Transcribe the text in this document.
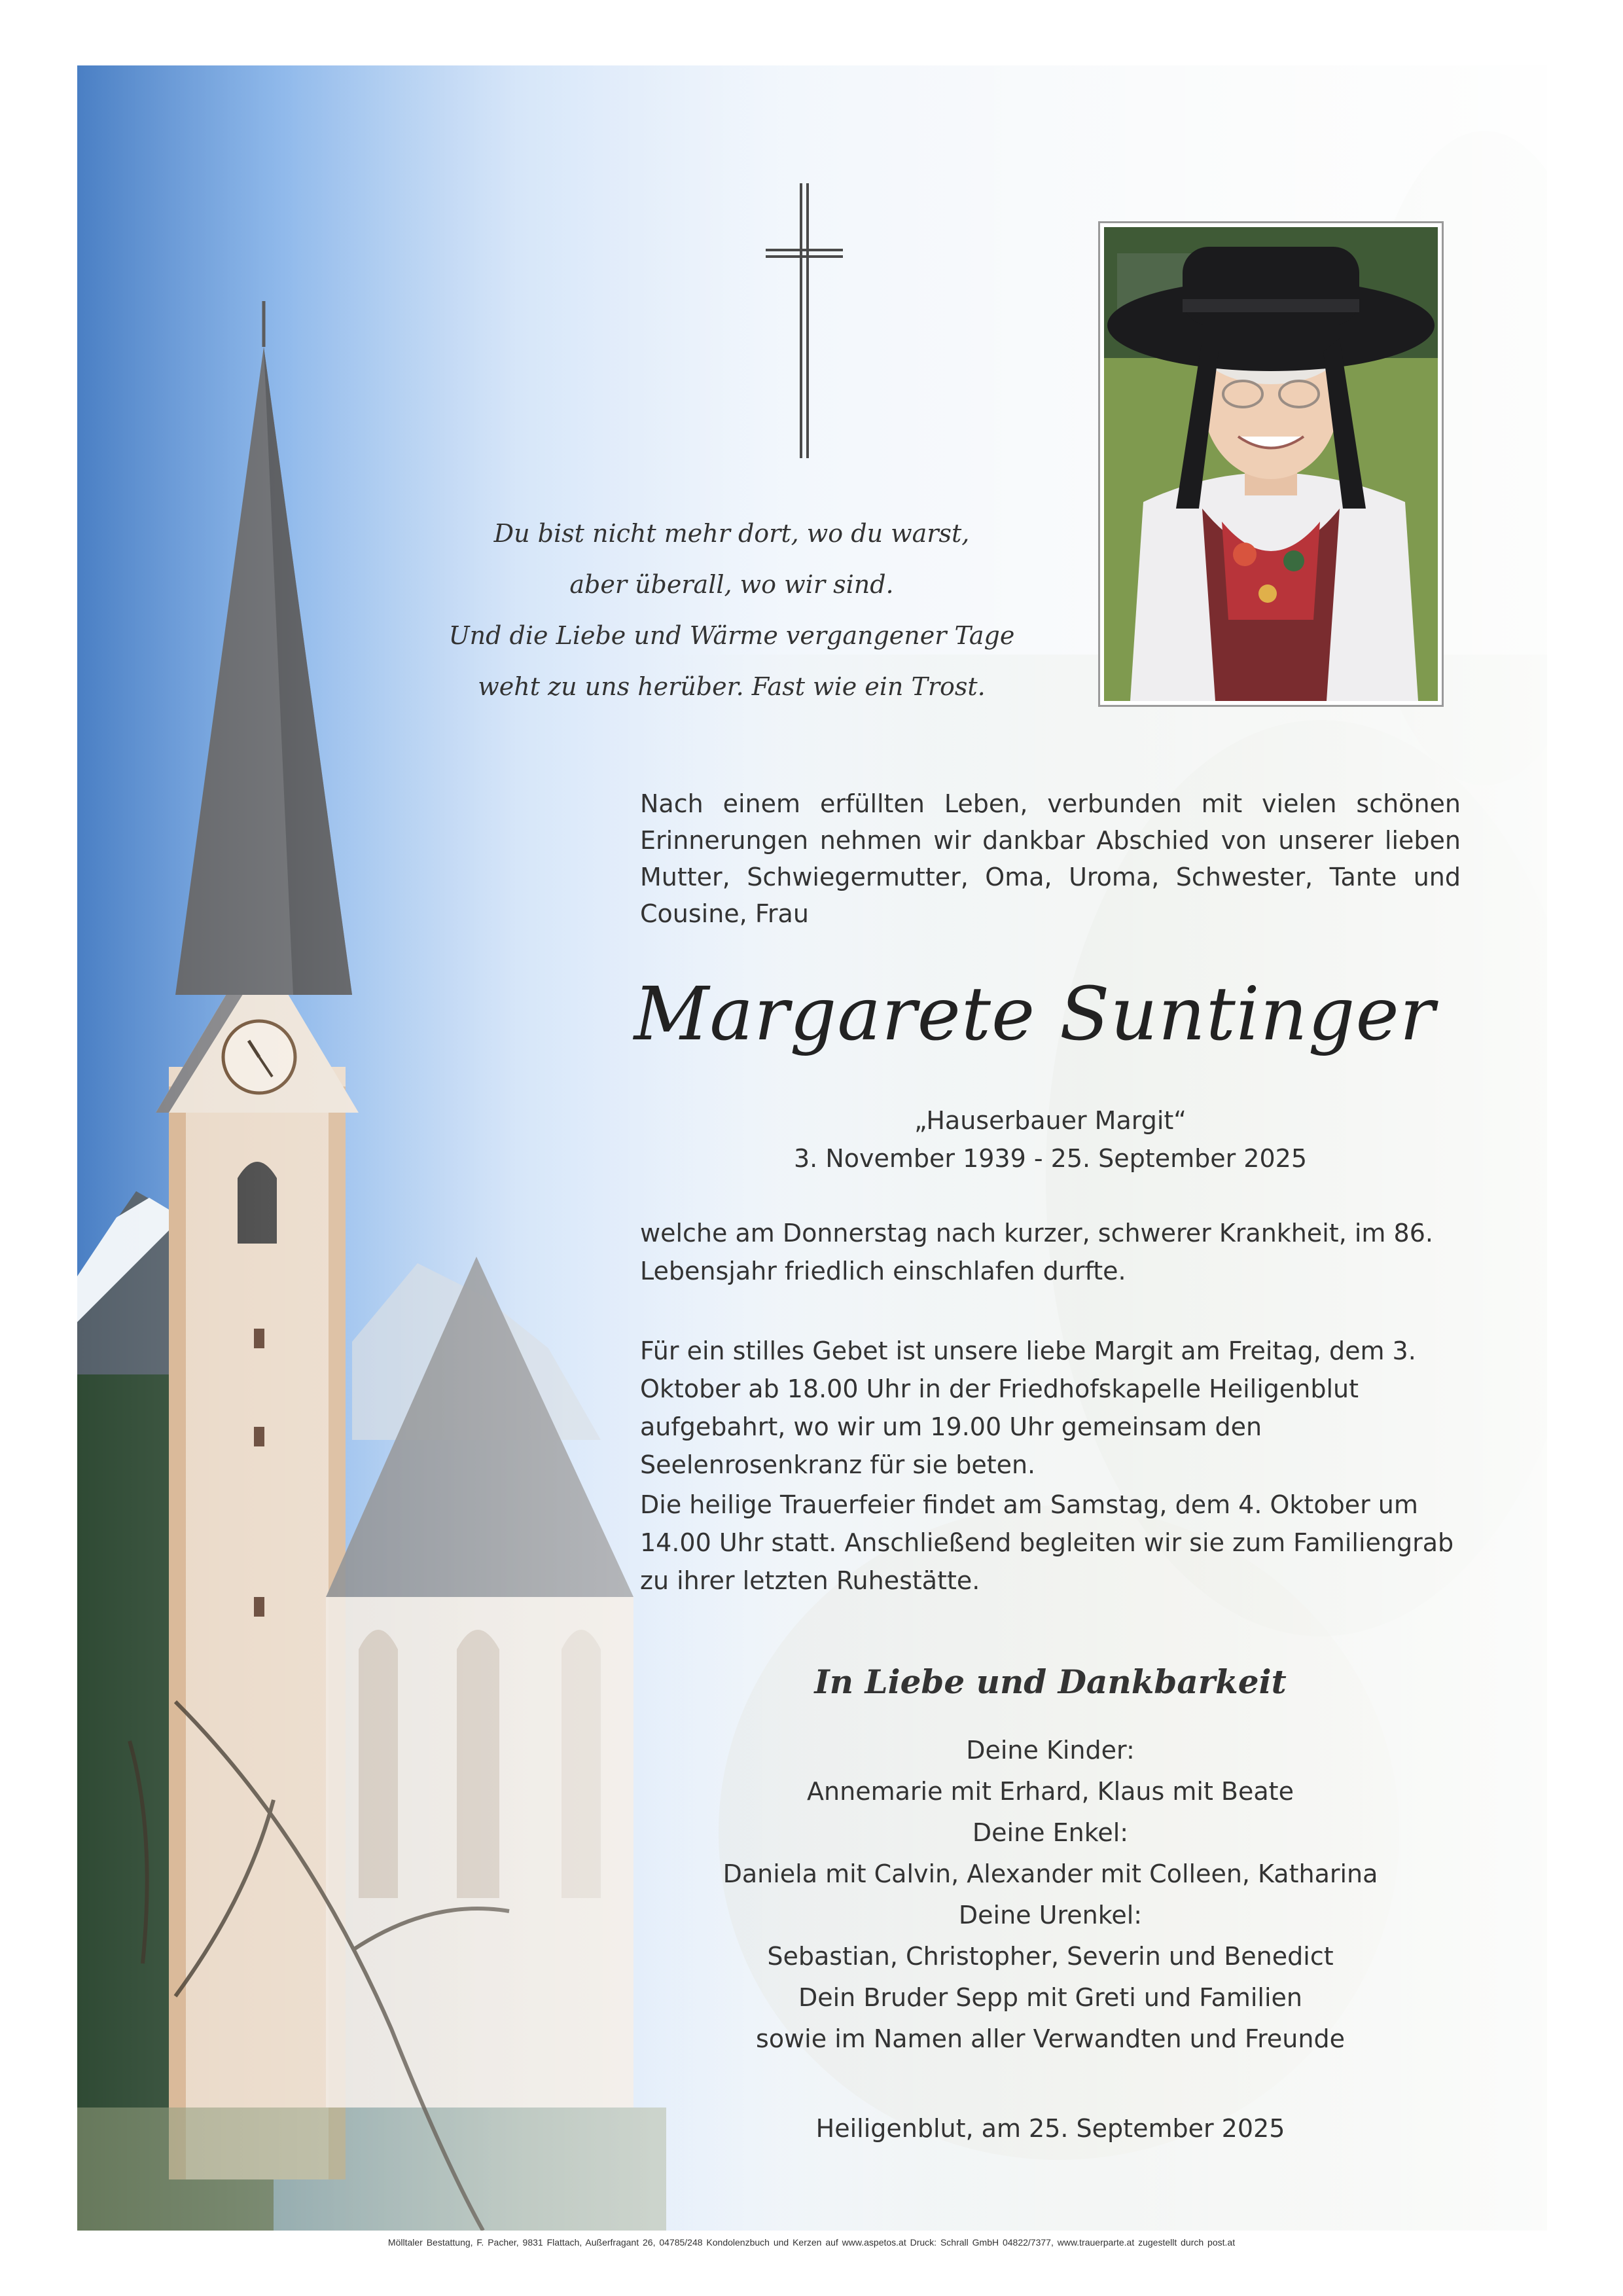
Du bist nicht mehr dort, wo du warst,
aber überall, wo wir sind.
Und die Liebe und Wärme vergangener Tage
weht zu uns herüber. Fast wie ein Trost.

Nach einem erfüllten Leben, verbunden mit vielen schönen Erinnerungen nehmen wir dankbar Abschied von unserer lieben Mutter, Schwiegermutter, Oma, Uroma, Schwester, Tante und Cousine, Frau

Margarete Suntinger
„Hauserbauer Margit“
3. November 1939 - 25. September 2025

welche am Donnerstag nach kurzer, schwerer Krankheit, im 86. Lebensjahr friedlich einschlafen durfte.

Für ein stilles Gebet ist unsere liebe Margit am Freitag, dem 3. Oktober ab 18.00 Uhr in der Friedhofskapelle Heiligenblut aufgebahrt, wo wir um 19.00 Uhr gemeinsam den Seelenrosenkranz für sie beten.

Die heilige Trauerfeier findet am Samstag, dem 4. Oktober um 14.00 Uhr statt. Anschließend begleiten wir sie zum Familiengrab zu ihrer letzten Ruhestätte.

In Liebe und Dankbarkeit
Deine Kinder:
Annemarie mit Erhard, Klaus mit Beate
Deine Enkel:
Daniela mit Calvin, Alexander mit Colleen, Katharina
Deine Urenkel:
Sebastian, Christopher, Severin und Benedict
Dein Bruder Sepp mit Greti und Familien
sowie im Namen aller Verwandten und Freunde
Heiligenblut, am 25. September 2025
Mölltaler Bestattung, F. Pacher, 9831 Flattach, Außerfragant 26, 04785/248 Kondolenzbuch und Kerzen auf www.aspetos.at Druck: Schrall GmbH 04822/7377, www.trauerparte.at zugestellt durch post.at
